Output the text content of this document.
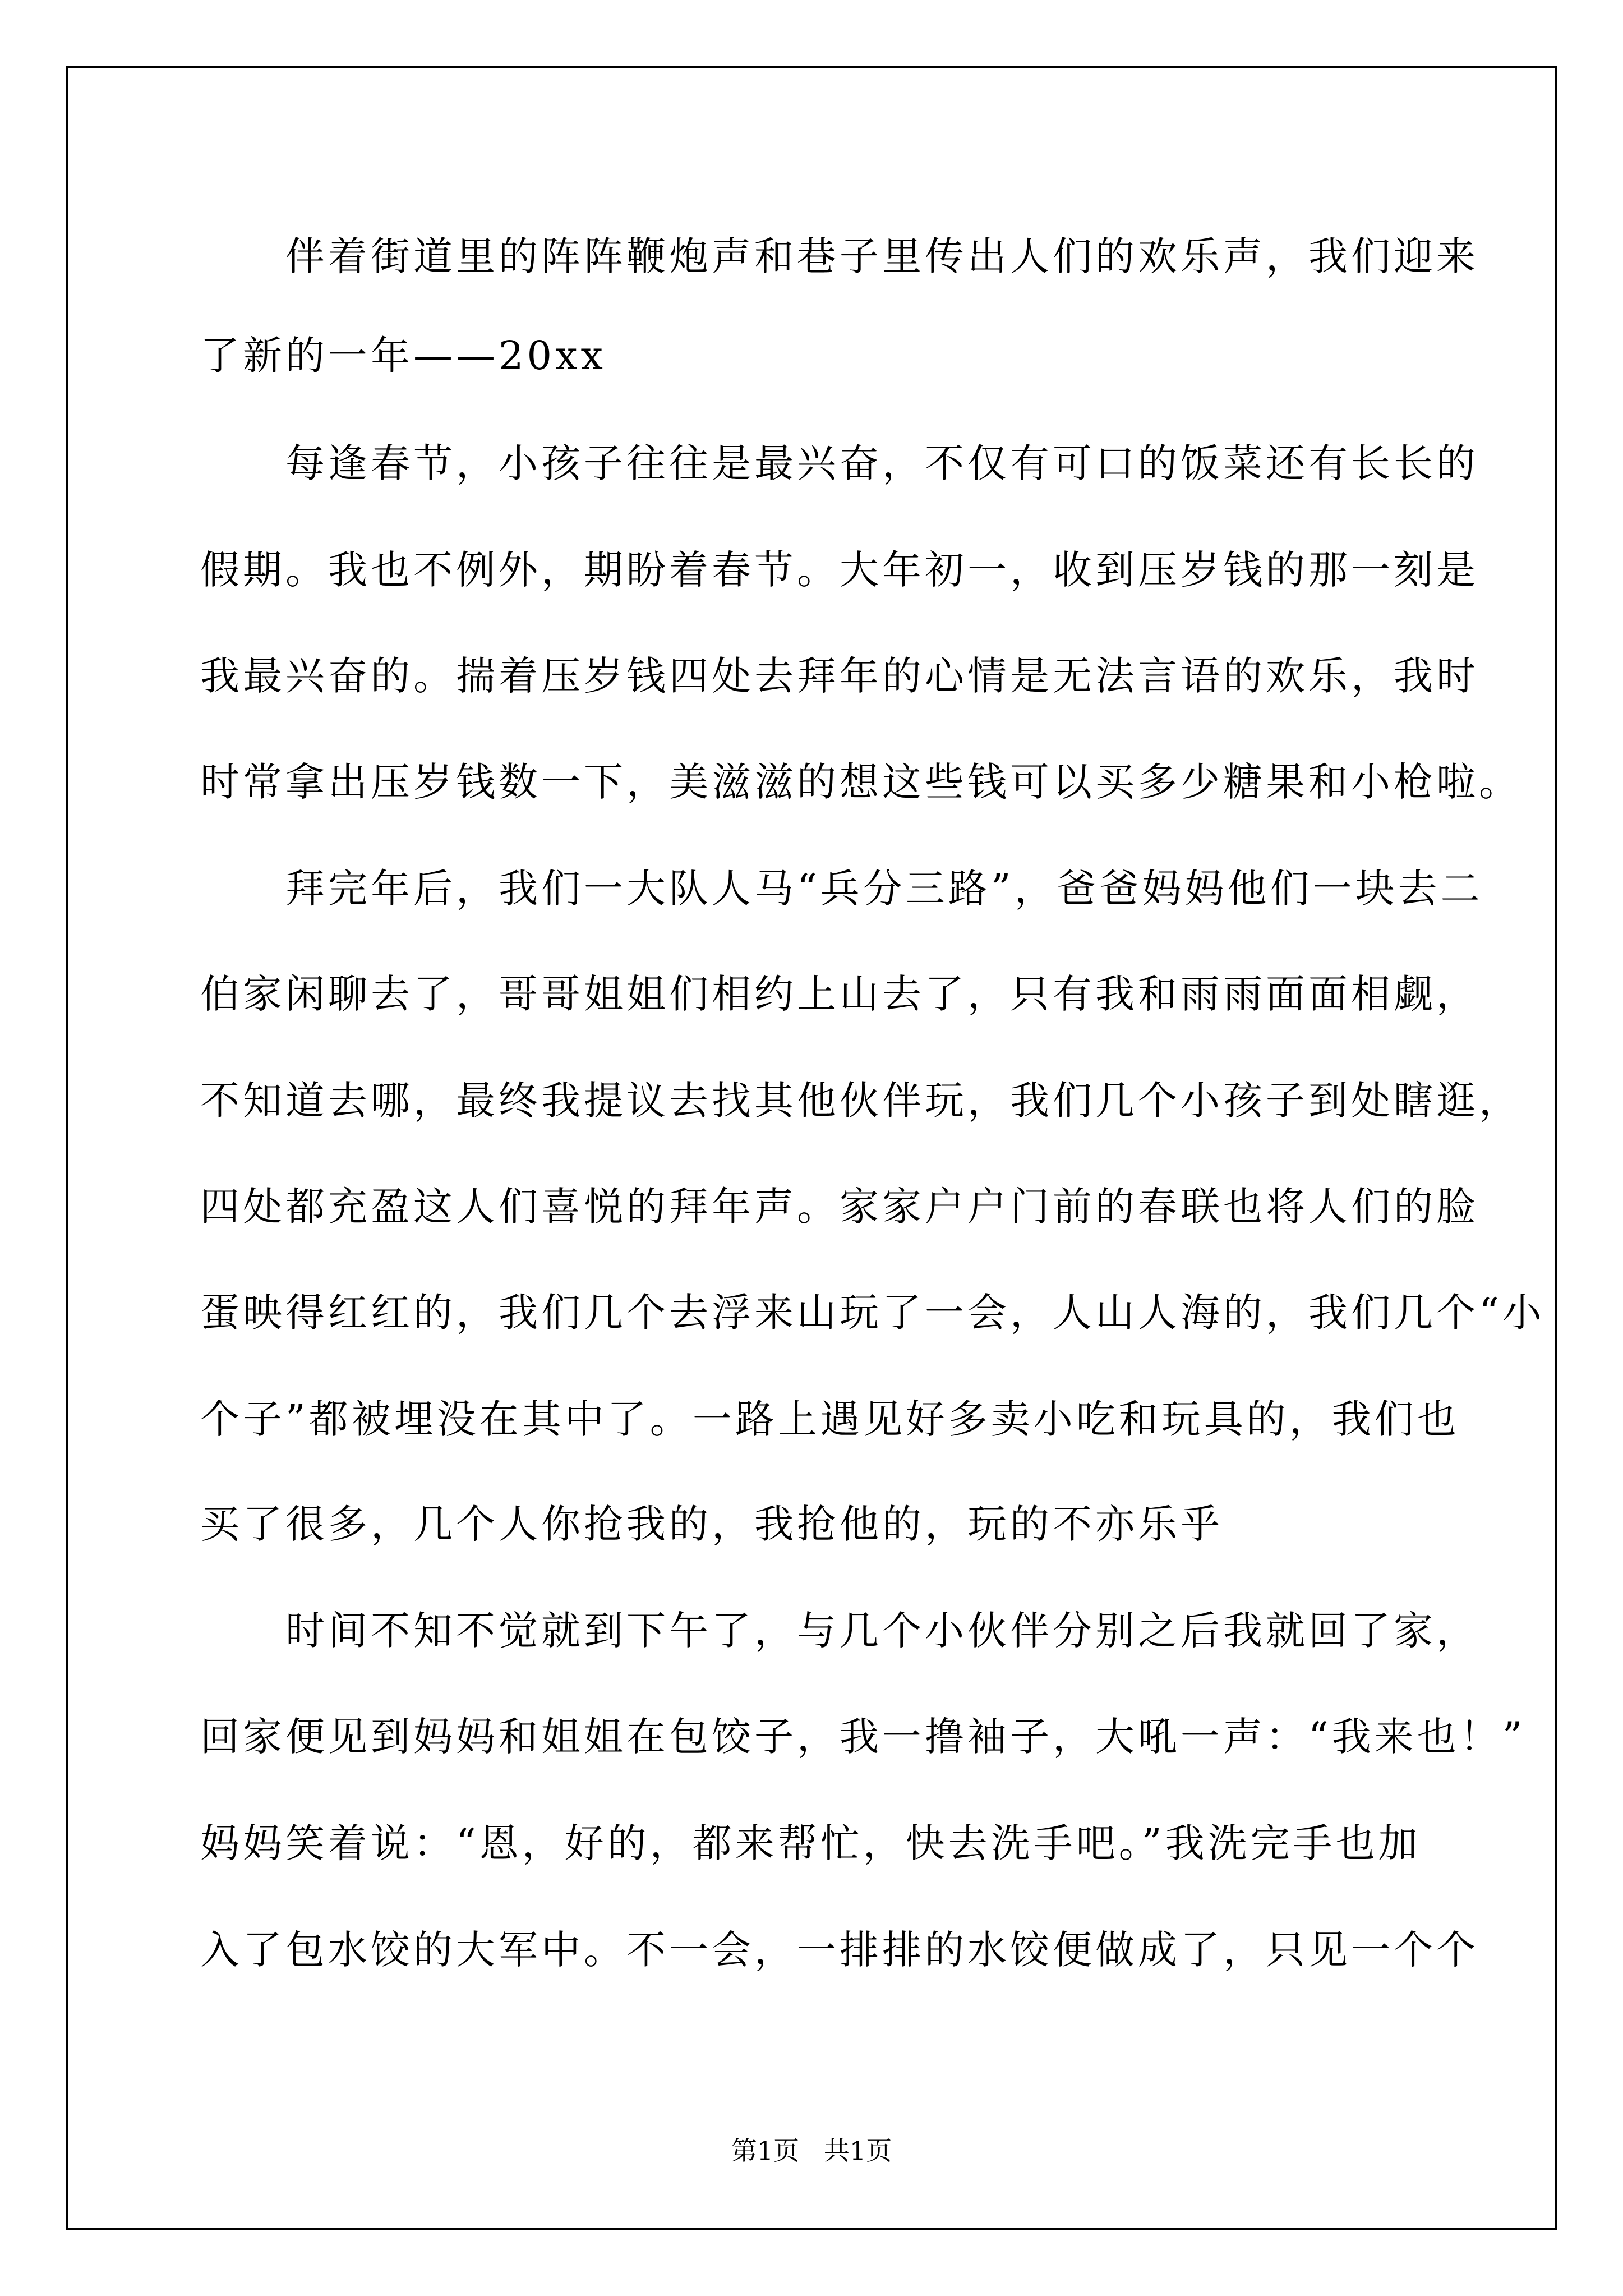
　　伴着街道里的阵阵鞭炮声和巷子里传出人们的欢乐声，我们迎来
了新的一年——20xx
　　每逢春节，小孩子往往是最兴奋，不仅有可口的饭菜还有长长的
假期。我也不例外，期盼着春节。大年初一，收到压岁钱的那一刻是
我最兴奋的。揣着压岁钱四处去拜年的心情是无法言语的欢乐，我时
时常拿出压岁钱数一下，美滋滋的想这些钱可以买多少糖果和小枪啦。
　　拜完年后，我们一大队人马“兵分三路”，爸爸妈妈他们一块去二
伯家闲聊去了，哥哥姐姐们相约上山去了，只有我和雨雨面面相觑，
不知道去哪，最终我提议去找其他伙伴玩，我们几个小孩子到处瞎逛，
四处都充盈这人们喜悦的拜年声。家家户户门前的春联也将人们的脸
蛋映得红红的，我们几个去浮来山玩了一会，人山人海的，我们几个“小
个子”都被埋没在其中了。一路上遇见好多卖小吃和玩具的，我们也
买了很多，几个人你抢我的，我抢他的，玩的不亦乐乎
　　时间不知不觉就到下午了，与几个小伙伴分别之后我就回了家，
回家便见到妈妈和姐姐在包饺子，我一撸袖子，大吼一声：“我来也！”
妈妈笑着说：“恩，好的，都来帮忙，快去洗手吧。”我洗完手也加
入了包水饺的大军中。不一会，一排排的水饺便做成了，只见一个个
第1页   共1页
